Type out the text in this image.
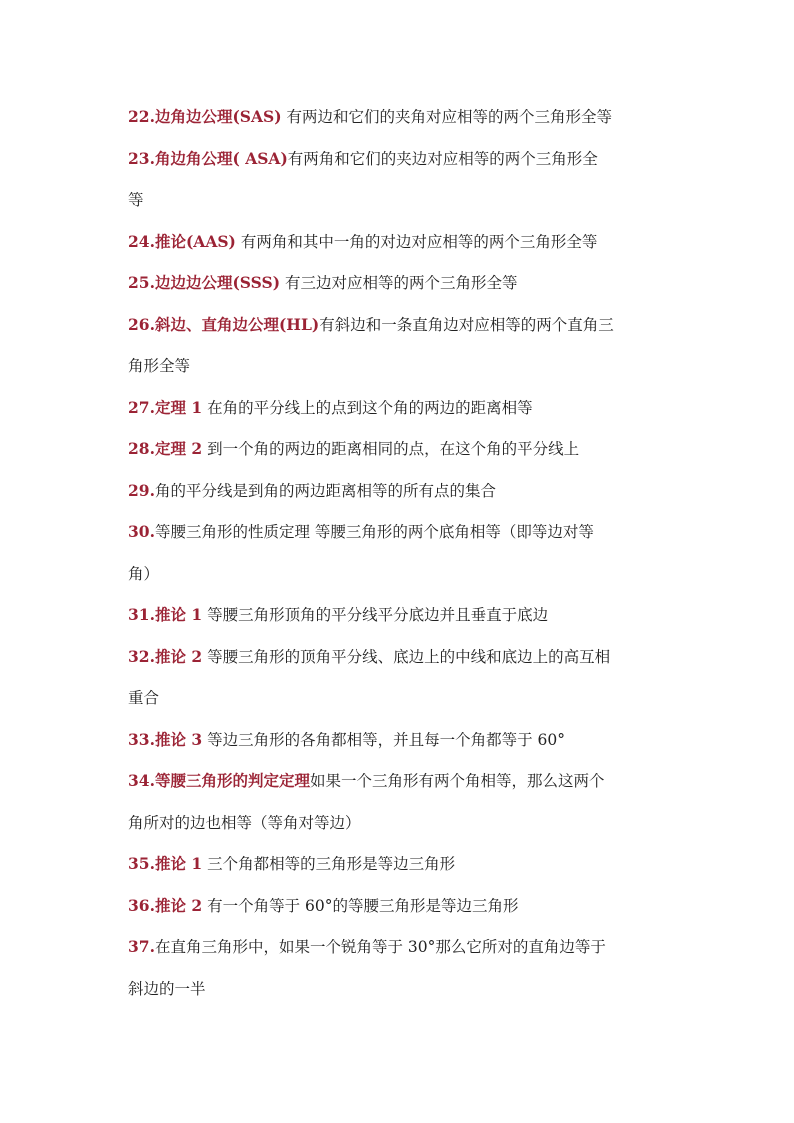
22.边角边公理(SAS) 有两边和它们的夹角对应相等的两个三角形全等
23.角边角公理( ASA)有两角和它们的夹边对应相等的两个三角形全
等
24.推论(AAS) 有两角和其中一角的对边对应相等的两个三角形全等
25.边边边公理(SSS) 有三边对应相等的两个三角形全等
26.斜边、直角边公理(HL)有斜边和一条直角边对应相等的两个直角三
角形全等
27.定理 1 在角的平分线上的点到这个角的两边的距离相等
28.定理 2 到一个角的两边的距离相同的点，在这个角的平分线上
29.角的平分线是到角的两边距离相等的所有点的集合
30.等腰三角形的性质定理 等腰三角形的两个底角相等（即等边对等
角）
31.推论 1 等腰三角形顶角的平分线平分底边并且垂直于底边
32.推论 2 等腰三角形的顶角平分线、底边上的中线和底边上的高互相
重合
33.推论 3 等边三角形的各角都相等，并且每一个角都等于 60°
34.等腰三角形的判定定理如果一个三角形有两个角相等，那么这两个
角所对的边也相等（等角对等边）
35.推论 1 三个角都相等的三角形是等边三角形
36.推论 2 有一个角等于 60°的等腰三角形是等边三角形
37.在直角三角形中，如果一个锐角等于 30°那么它所对的直角边等于
斜边的一半
